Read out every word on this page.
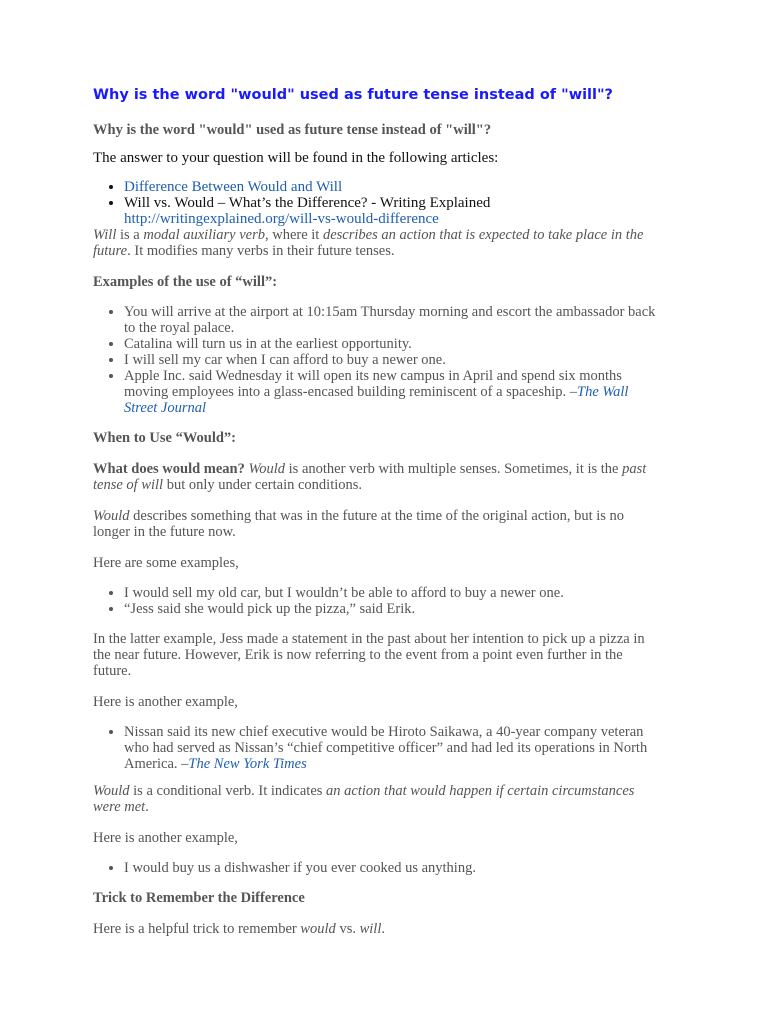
Why is the word "would" used as future tense instead of "will"?

Why is the word "would" used as future tense instead of "will"?

The answer to your question will be found in the following articles:

• Difference Between Would and Will
• Will vs. Would – What’s the Difference? - Writing Explained
http://writingexplained.org/will-vs-would-difference

Will is a modal auxiliary verb, where it describes an action that is expected to take place in the future. It modifies many verbs in their future tenses.

Examples of the use of “will”:

• You will arrive at the airport at 10:15am Thursday morning and escort the ambassador back to the royal palace.
• Catalina will turn us in at the earliest opportunity.
• I will sell my car when I can afford to buy a newer one.
• Apple Inc. said Wednesday it will open its new campus in April and spend six months moving employees into a glass-encased building reminiscent of a spaceship. –The Wall Street Journal

When to Use “Would”:

What does would mean? Would is another verb with multiple senses. Sometimes, it is the past tense of will but only under certain conditions.

Would describes something that was in the future at the time of the original action, but is no longer in the future now.

Here are some examples,

• I would sell my old car, but I wouldn’t be able to afford to buy a newer one.
• “Jess said she would pick up the pizza,” said Erik.

In the latter example, Jess made a statement in the past about her intention to pick up a pizza in the near future. However, Erik is now referring to the event from a point even further in the future.

Here is another example,

• Nissan said its new chief executive would be Hiroto Saikawa, a 40-year company veteran who had served as Nissan’s “chief competitive officer” and had led its operations in North America. –The New York Times

Would is a conditional verb. It indicates an action that would happen if certain circumstances were met.

Here is another example,

• I would buy us a dishwasher if you ever cooked us anything.

Trick to Remember the Difference

Here is a helpful trick to remember would vs. will.
